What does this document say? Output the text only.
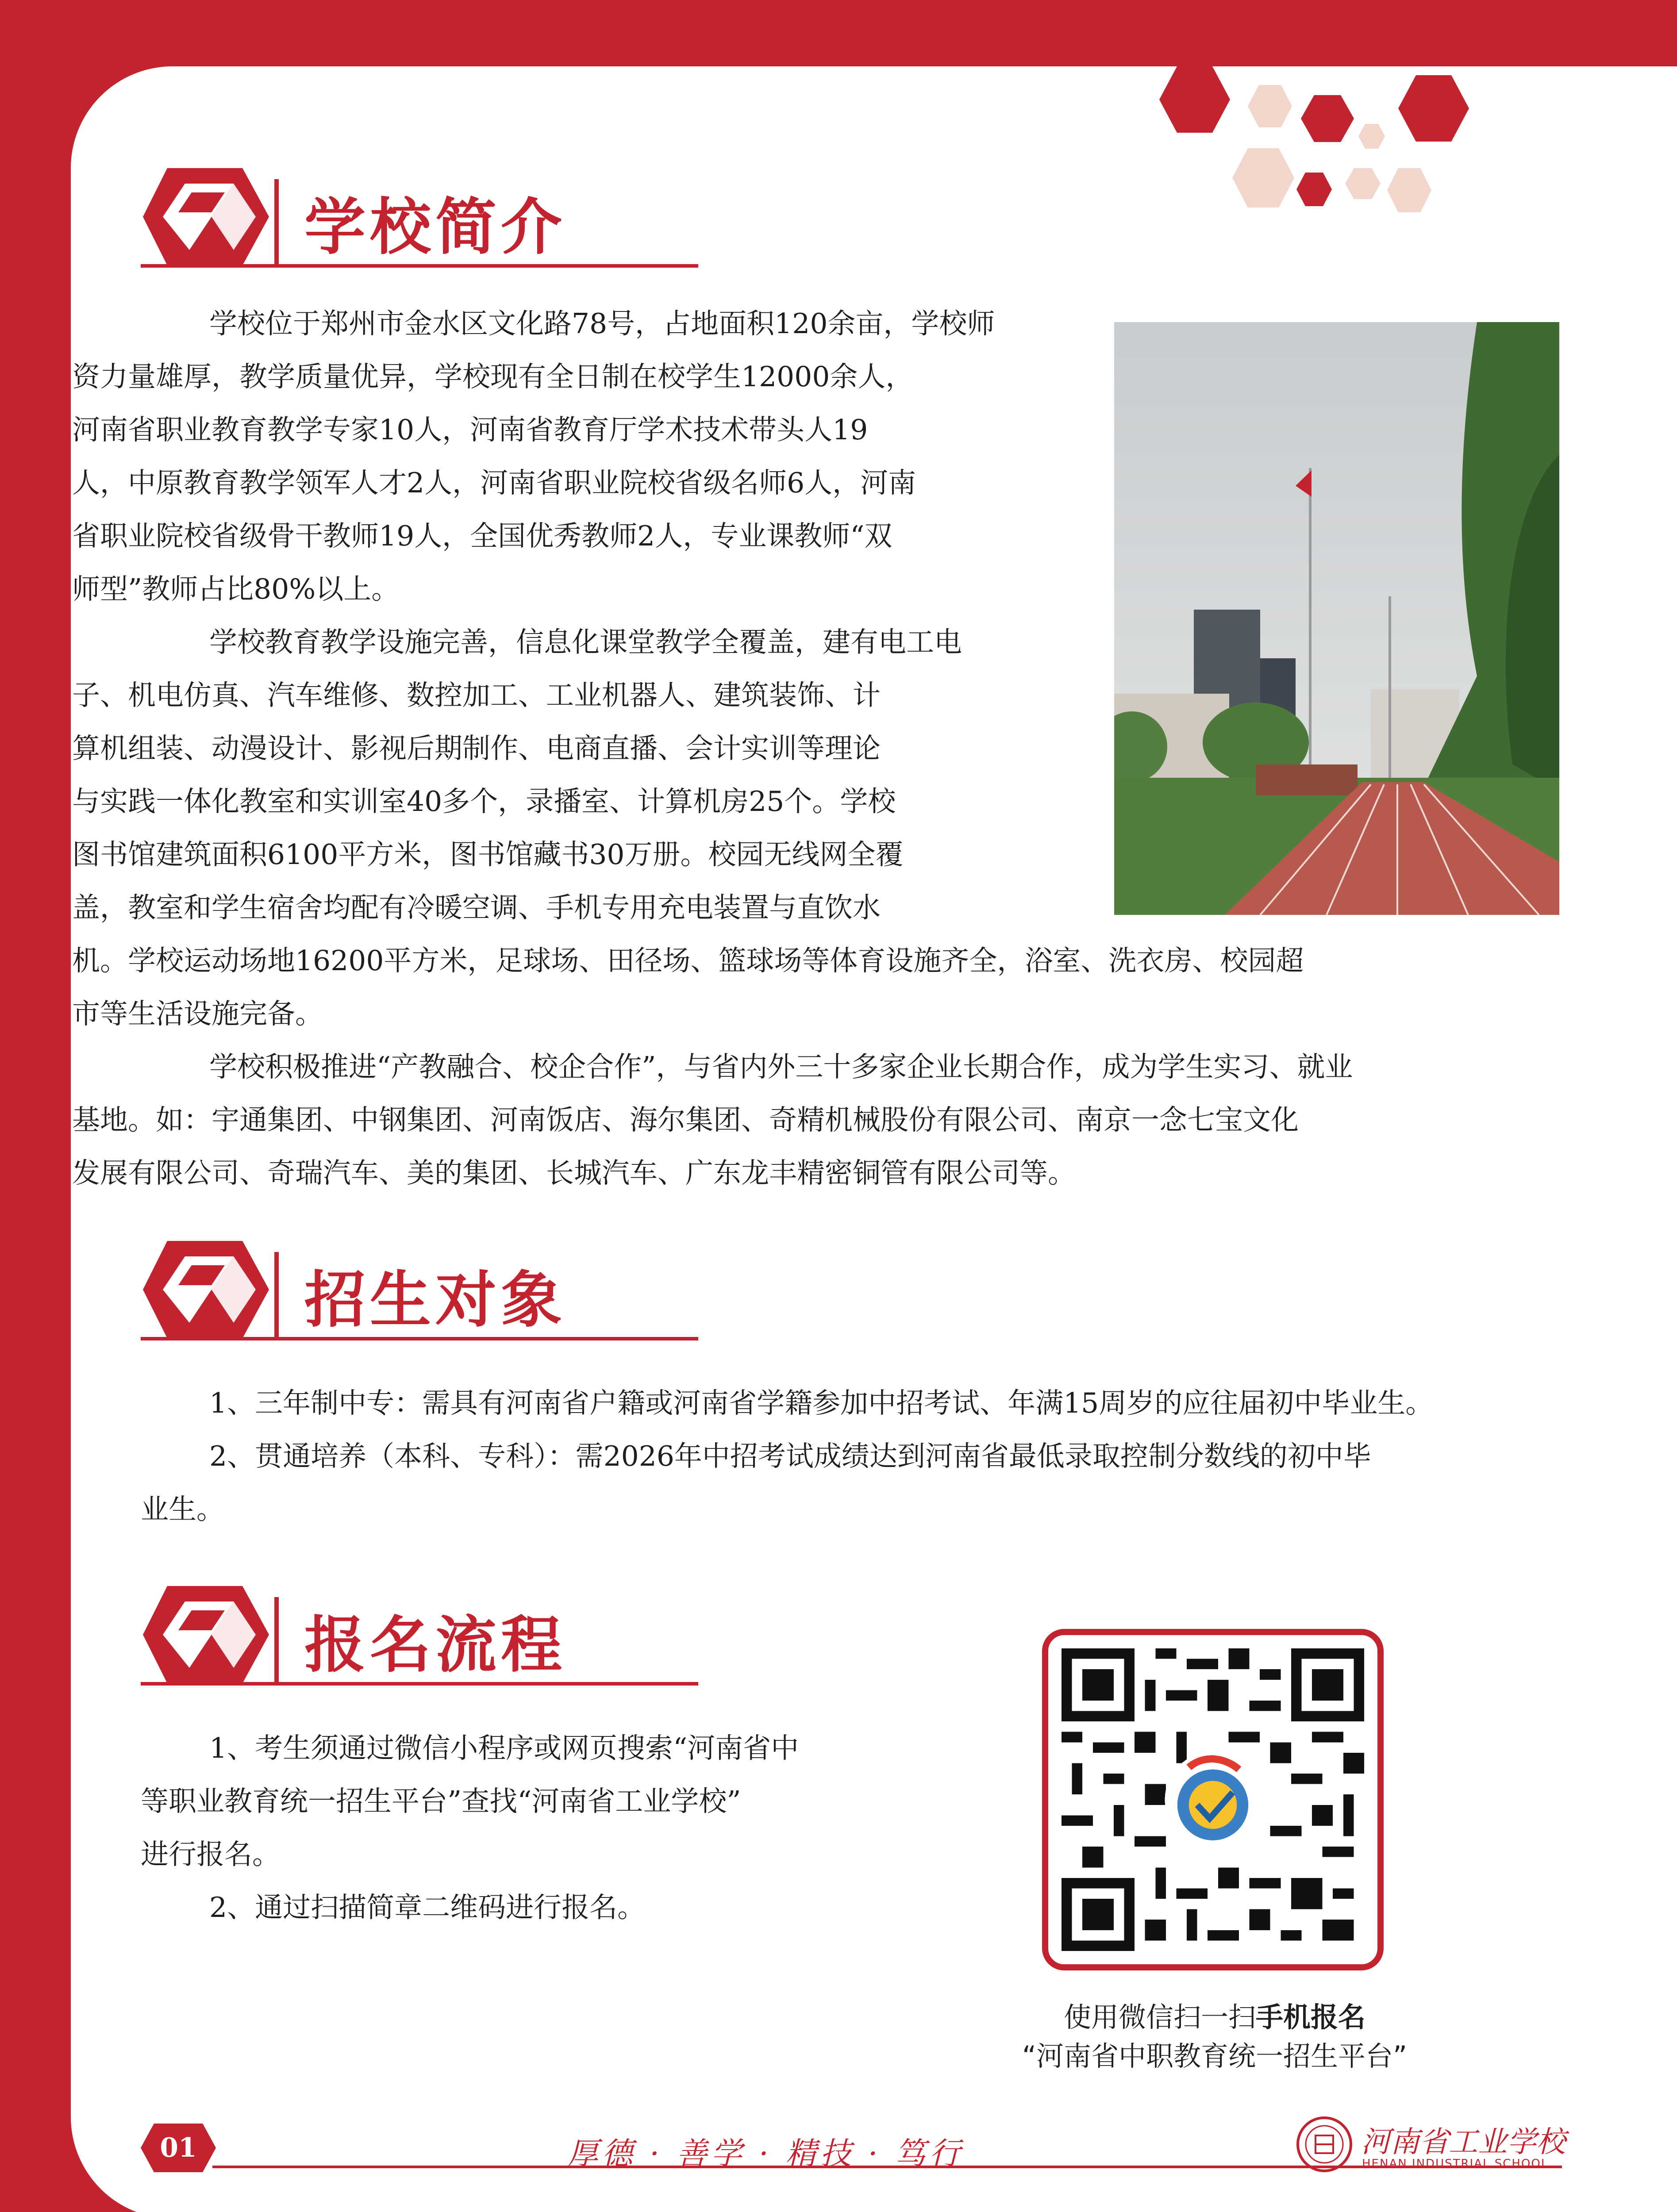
学校简介
学校位于郑州市金水区文化路78号，占地面积120余亩，学校师
资力量雄厚，教学质量优异，学校现有全日制在校学生12000余人，
河南省职业教育教学专家10人，河南省教育厅学术技术带头人19
人，中原教育教学领军人才2人，河南省职业院校省级名师6人，河南
省职业院校省级骨干教师19人，全国优秀教师2人，专业课教师“双
师型”教师占比80%以上。
学校教育教学设施完善，信息化课堂教学全覆盖，建有电工电
子、机电仿真、汽车维修、数控加工、工业机器人、建筑装饰、计
算机组装、动漫设计、影视后期制作、电商直播、会计实训等理论
与实践一体化教室和实训室40多个，录播室、计算机房25个。学校
图书馆建筑面积6100平方米，图书馆藏书30万册。校园无线网全覆
盖，教室和学生宿舍均配有冷暖空调、手机专用充电装置与直饮水
机。学校运动场地16200平方米，足球场、田径场、篮球场等体育设施齐全，浴室、洗衣房、校园超
市等生活设施完备。
学校积极推进“产教融合、校企合作”，与省内外三十多家企业长期合作，成为学生实习、就业
基地。如：宇通集团、中钢集团、河南饭店、海尔集团、奇精机械股份有限公司、南京一念七宝文化
发展有限公司、奇瑞汽车、美的集团、长城汽车、广东龙丰精密铜管有限公司等。
招生对象
1、三年制中专：需具有河南省户籍或河南省学籍参加中招考试、年满15周岁的应往届初中毕业生。
2、贯通培养（本科、专科）：需2026年中招考试成绩达到河南省最低录取控制分数线的初中毕
业生。
报名流程
1、考生须通过微信小程序或网页搜索“河南省中
等职业教育统一招生平台”查找“河南省工业学校”
进行报名。
2、通过扫描简章二维码进行报名。
使用微信扫一扫手机报名
“河南省中职教育统一招生平台”
01	厚德 · 善学 · 精技 · 笃行	河南省工业学校
HENAN INDUSTRIAL SCHOOL
